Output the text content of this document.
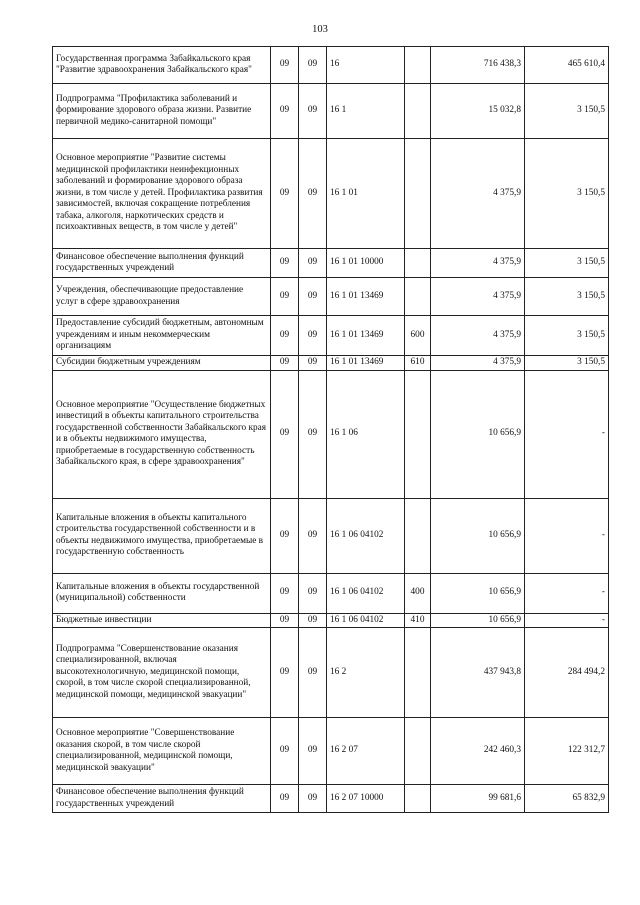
103
Государственная программа Забайкальского края "Развитие здравоохранения Забайкальского края"	09	09	16		716 438,3	465 610,4
Подпрограмма "Профилактика заболеваний и формирование здорового образа жизни. Развитие первичной медико-санитарной помощи"	09	09	16 1		15 032,8	3 150,5
Основное мероприятие "Развитие системы медицинской профилактики неинфекционных заболеваний и формирование здорового образа жизни, в том числе у детей. Профилактика развития зависимостей, включая сокращение потребления табака, алкоголя, наркотических средств и психоактивных веществ, в том числе у детей"	09	09	16 1 01		4 375,9	3 150,5
Финансовое обеспечение выполнения функций государственных учреждений	09	09	16 1 01 10000		4 375,9	3 150,5
Учреждения, обеспечивающие предоставление услуг в сфере здравоохранения	09	09	16 1 01 13469		4 375,9	3 150,5
Предоставление субсидий бюджетным, автономным учреждениям и иным некоммерческим организациям	09	09	16 1 01 13469	600	4 375,9	3 150,5
Субсидии бюджетным учреждениям	09	09	16 1 01 13469	610	4 375,9	3 150,5
Основное мероприятие "Осуществление бюджетных инвестиций в объекты капитального строительства государственной собственности Забайкальского края и в объекты недвижимого имущества, приобретаемые в государственную собственность Забайкальского края, в сфере здравоохранения"	09	09	16 1 06		10 656,9	-
Капитальные вложения в объекты капитального строительства государственной собственности и в объекты недвижимого имущества, приобретаемые в государственную собственность	09	09	16 1 06 04102		10 656,9	-
Капитальные вложения в объекты государственной (муниципальной) собственности	09	09	16 1 06 04102	400	10 656,9	-
Бюджетные инвестиции	09	09	16 1 06 04102	410	10 656,9	-
Подпрограмма "Совершенствование оказания специализированной, включая высокотехнологичную, медицинской помощи, скорой, в том числе скорой специализированной, медицинской помощи, медицинской эвакуации"	09	09	16 2		437 943,8	284 494,2
Основное мероприятие "Совершенствование оказания скорой, в том числе скорой специализированной, медицинской помощи, медицинской эвакуации"	09	09	16 2 07		242 460,3	122 312,7
Финансовое обеспечение выполнения функций государственных учреждений	09	09	16 2 07 10000		99 681,6	65 832,9
